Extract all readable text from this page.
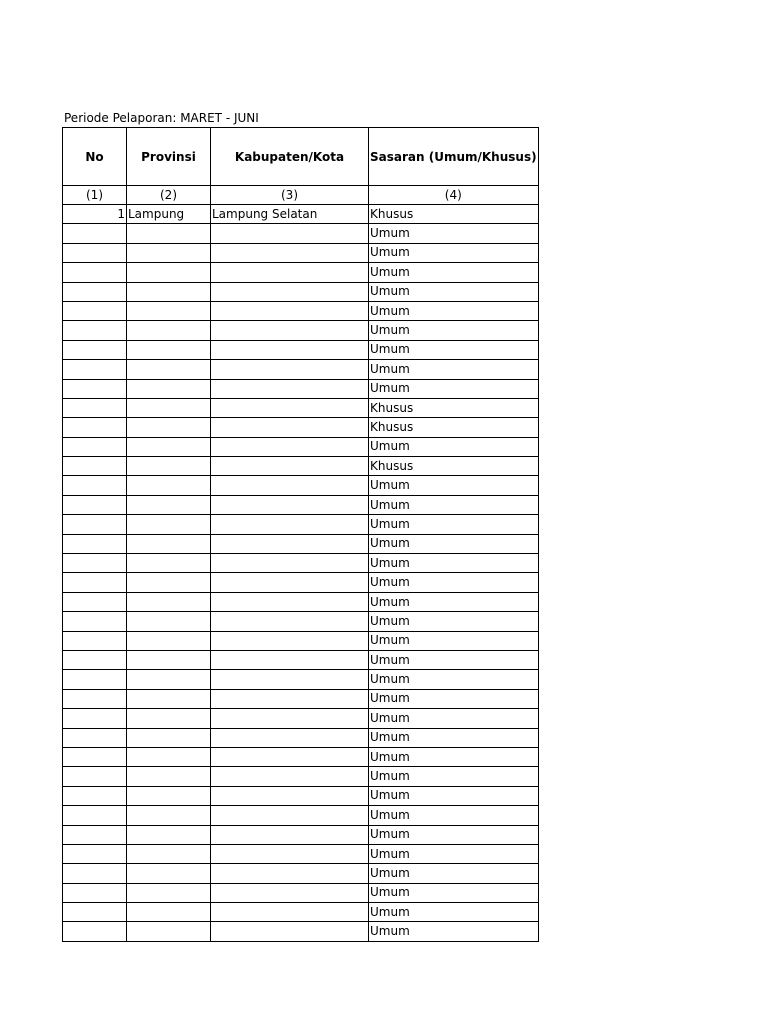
Periode Pelaporan: MARET - JUNI
No	Provinsi	Kabupaten/Kota	Sasaran (Umum/Khusus)
(1)	(2)	(3)	(4)
1	Lampung	Lampung Selatan	Khusus
			Umum
			Umum
			Umum
			Umum
			Umum
			Umum
			Umum
			Umum
			Umum
			Khusus
			Khusus
			Umum
			Khusus
			Umum
			Umum
			Umum
			Umum
			Umum
			Umum
			Umum
			Umum
			Umum
			Umum
			Umum
			Umum
			Umum
			Umum
			Umum
			Umum
			Umum
			Umum
			Umum
			Umum
			Umum
			Umum
			Umum
			Umum
